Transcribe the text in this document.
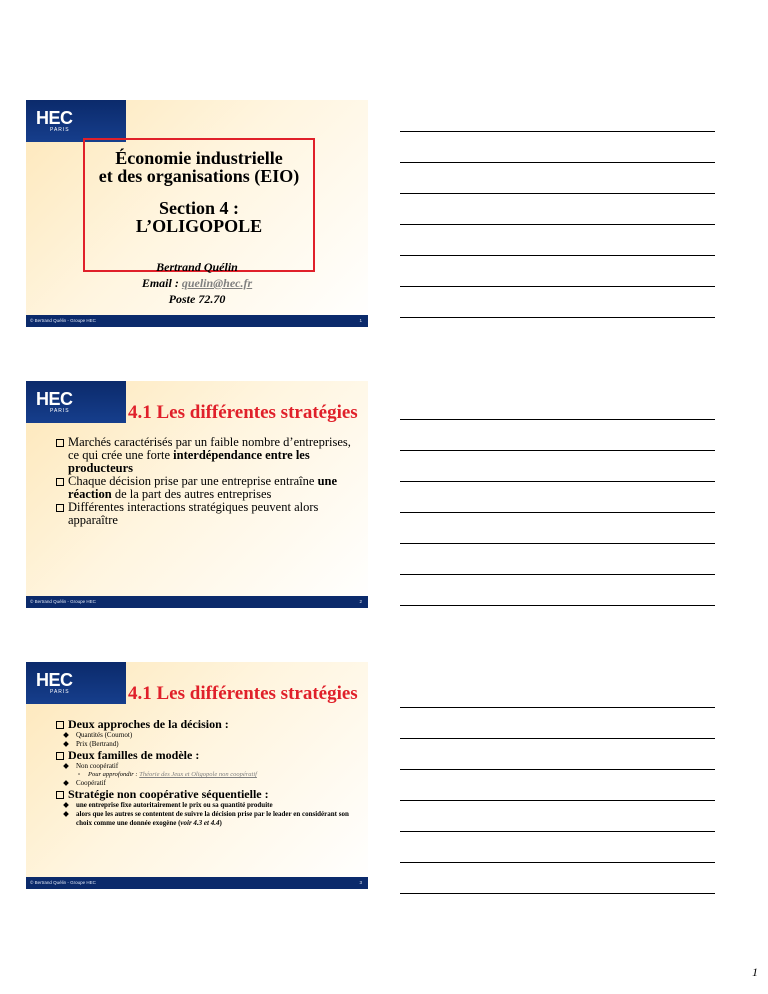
HEC
PARIS
Économie industrielle
et des organisations (EIO)
Section 4 :
L’OLIGOPOLE
Bertrand Quélin
Email : quelin@hec.fr
Poste 72.70
© Bertrand Quélin - Groupe HEC	1
HEC
PARIS	4.1 Les différentes stratégies

Marchés caractérisés par un faible nombre d’entreprises, ce qui crée une forte interdépendance entre les producteurs

Chaque décision prise par une entreprise entraîne une réaction de la part des autres entreprises

Différentes interactions stratégiques peuvent alors apparaître

© Bertrand Quélin - Groupe HEC	2
HEC
PARIS	4.1 Les différentes stratégies
Deux approches de la décision :
Quantités (Cournot)
Prix (Bertrand)
Deux familles de modèle :
Non coopératif
▫ Pour approfondir : Théorie des Jeux et Oligopole non coopératif
Coopératif
Stratégie non coopérative séquentielle :
une entreprise fixe autoritairement le prix ou sa quantité produite
alors que les autres se contentent de suivre la décision prise par le leader en considérant son choix comme une donnée exogène (voir 4.3 et 4.4)
© Bertrand Quélin - Groupe HEC	3
1
